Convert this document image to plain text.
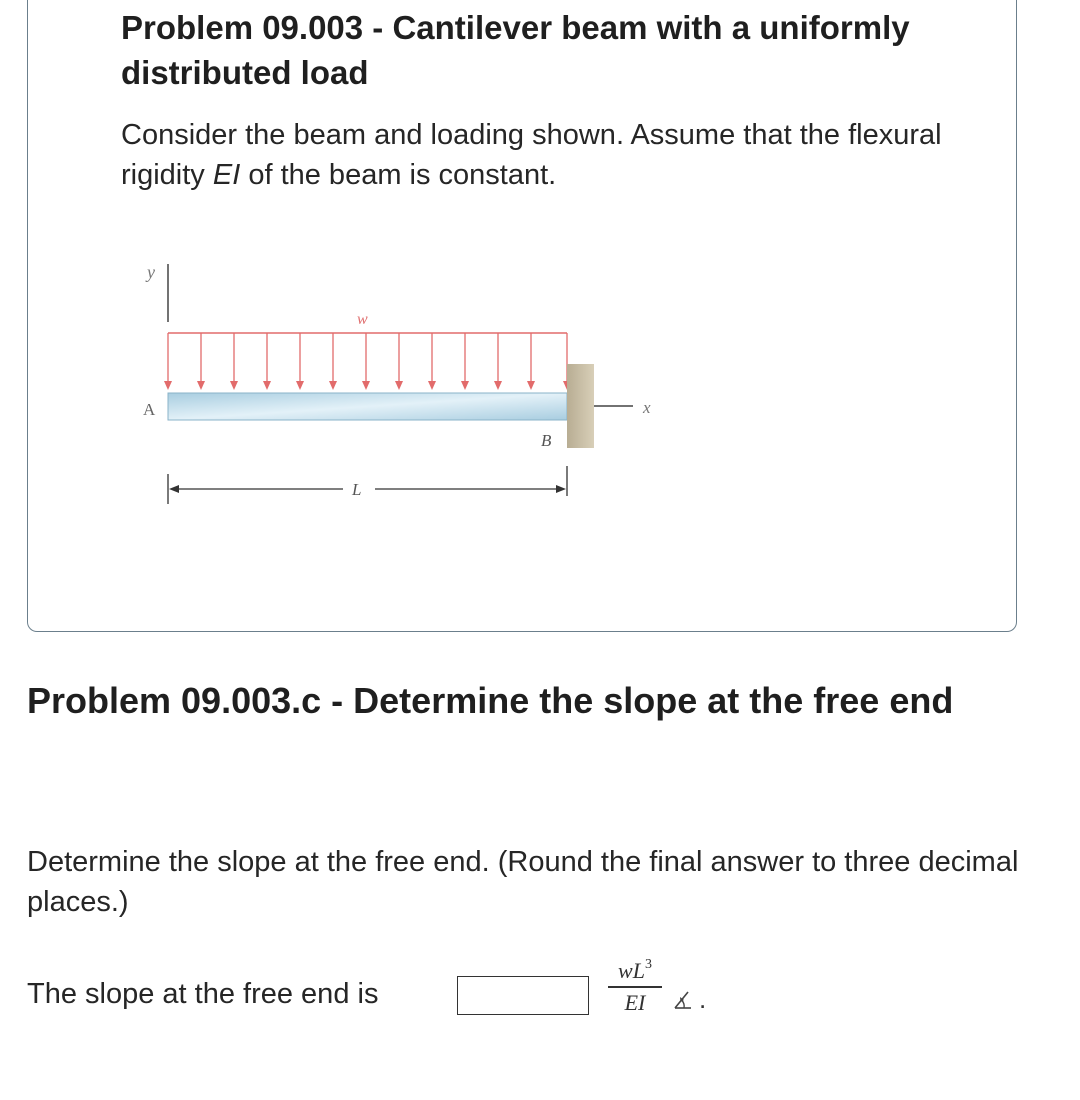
Problem 09.003 - Cantilever beam with a uniformly distributed load

Consider the beam and loading shown. Assume that the flexural rigidity EI of the beam is constant.

y
w
A	x
B
L
Problem 09.003.c - Determine the slope at the free end

Determine the slope at the free end. (Round the final answer to three decimal places.)

The slope at the free end is
$wL^3$
EI	.
